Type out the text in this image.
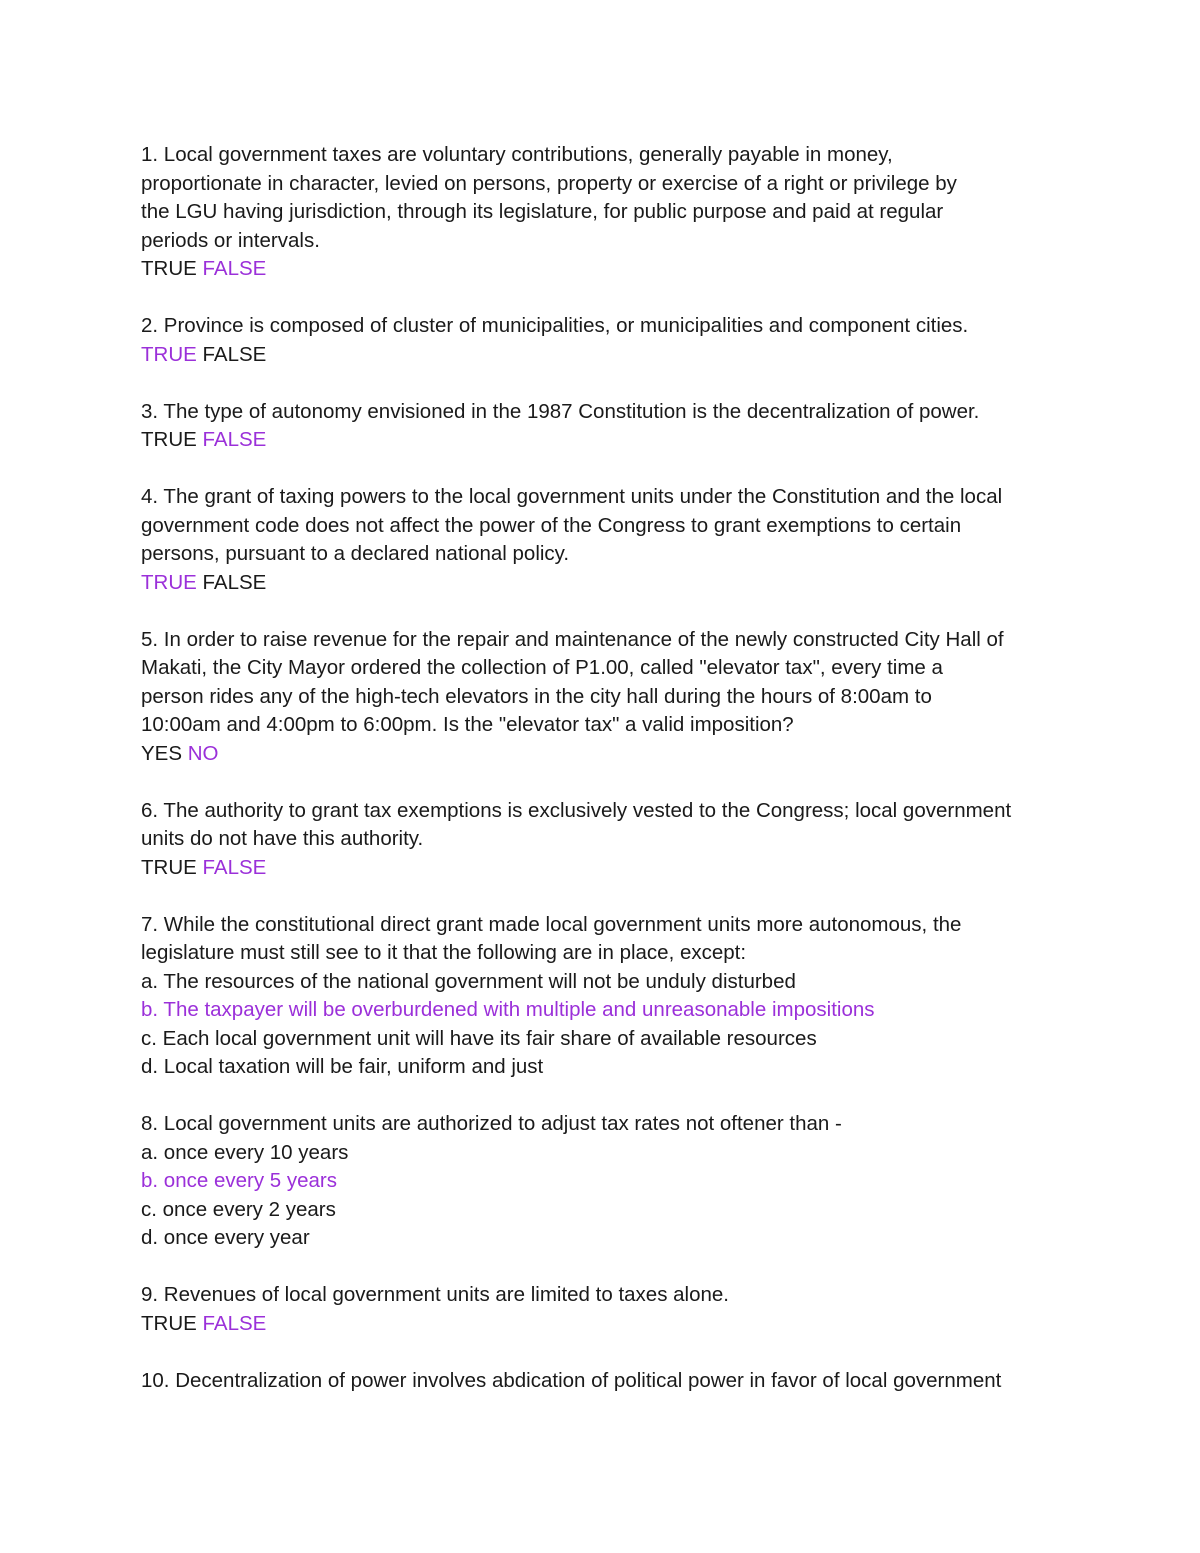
1. Local government taxes are voluntary contributions, generally payable in money,
proportionate in character, levied on persons, property or exercise of a right or privilege by
the LGU having jurisdiction, through its legislature, for public purpose and paid at regular
periods or intervals.
TRUE FALSE
2. Province is composed of cluster of municipalities, or municipalities and component cities.
TRUE FALSE
3. The type of autonomy envisioned in the 1987 Constitution is the decentralization of power.
TRUE FALSE
4. The grant of taxing powers to the local government units under the Constitution and the local
government code does not affect the power of the Congress to grant exemptions to certain
persons, pursuant to a declared national policy.
TRUE FALSE
5. In order to raise revenue for the repair and maintenance of the newly constructed City Hall of
Makati, the City Mayor ordered the collection of P1.00, called "elevator tax", every time a
person rides any of the high-tech elevators in the city hall during the hours of 8:00am to
10:00am and 4:00pm to 6:00pm. Is the "elevator tax" a valid imposition?
YES NO
6. The authority to grant tax exemptions is exclusively vested to the Congress; local government
units do not have this authority.
TRUE FALSE
7. While the constitutional direct grant made local government units more autonomous, the
legislature must still see to it that the following are in place, except:
a. The resources of the national government will not be unduly disturbed
b. The taxpayer will be overburdened with multiple and unreasonable impositions
c. Each local government unit will have its fair share of available resources
d. Local taxation will be fair, uniform and just
8. Local government units are authorized to adjust tax rates not oftener than -
a. once every 10 years
b. once every 5 years
c. once every 2 years
d. once every year
9. Revenues of local government units are limited to taxes alone.
TRUE FALSE
10. Decentralization of power involves abdication of political power in favor of local government
